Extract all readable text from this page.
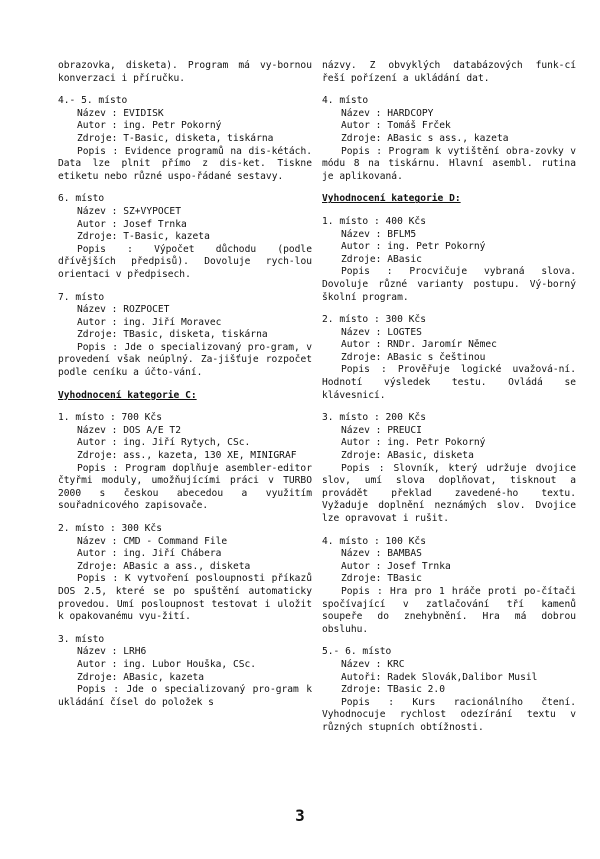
obrazovka, disketa). Program má vy-bornou konverzaci i příručku.

4.- 5. místo

Název : EVIDISK

Autor : ing. Petr Pokorný

Zdroje: T-Basic, disketa, tiskárna

Popis : Evidence programů na dis-kétách. Data lze plnit přímo z dis-ket. Tiskne etiketu nebo různé uspo-řádané sestavy.

6. místo

Název : SZ+VYPOCET

Autor : Josef Trnka

Zdroje: T-Basic, kazeta

Popis : Výpočet důchodu (podle dřívějších předpisů). Dovoluje rych-lou orientaci v předpisech.

7. místo

Název : ROZPOCET

Autor : ing. Jiří Moravec

Zdroje: TBasic, disketa, tiskárna

Popis : Jde o specializovaný pro-gram, v provedení však neúplný. Za-jišťuje rozpočet podle ceníku a účto-vání.

Vyhodnocení kategorie C:

1. místo : 700 Kčs

Název : DOS A/E T2

Autor : ing. Jiří Rytych, CSc.

Zdroje: ass., kazeta, 130 XE, MINIGRAF

Popis : Program doplňuje asembler-editor čtyřmi moduly, umožňujícími práci v TURBO 2000 s českou abecedou a využitím souřadnicového zapisovače.

2. místo : 300 Kčs

Název : CMD - Command File

Autor : ing. Jiří Chábera

Zdroje: ABasic a ass., disketa

Popis : K vytvoření posloupnosti příkazů DOS 2.5, které se po spuštění automaticky provedou. Umí posloupnost testovat i uložit k opakovanému vyu-žití.

3. místo

Název : LRH6

Autor : ing. Lubor Houška, CSc.

Zdroje: ABasic, kazeta

Popis : Jde o specializovaný pro-gram k ukládání čísel do položek s

názvy. Z obvyklých databázových funk-cí řeší pořízení a ukládání dat.

4. místo

Název : HARDCOPY

Autor : Tomáš Frček

Zdroje: ABasic s ass., kazeta

Popis : Program k vytištění obra-zovky v módu 8 na tiskárnu. Hlavní asembl. rutina je aplikovaná.

Vyhodnocení kategorie D:

1. místo : 400 Kčs

Název : BFLM5

Autor : ing. Petr Pokorný

Zdroje: ABasic

Popis : Procvičuje vybraná slova. Dovoluje různé varianty postupu. Vý-borný školní program.

2. místo : 300 Kčs

Název : LOGTES

Autor : RNDr. Jaromír Němec

Zdroje: ABasic s češtinou

Popis : Prověřuje logické uvažová-ní. Hodnotí výsledek testu. Ovládá se klávesnicí.

3. místo : 200 Kčs

Název : PREUCI

Autor : ing. Petr Pokorný

Zdroje: ABasic, disketa

Popis : Slovník, který udržuje dvojice slov, umí slova doplňovat, tisknout a provádět překlad zavedené-ho textu. Vyžaduje doplnění neznámých slov. Dvojice lze opravovat i rušit.

4. místo : 100 Kčs

Název : BAMBAS

Autor : Josef Trnka

Zdroje: TBasic

Popis : Hra pro 1 hráče proti po-čítači spočívající v zatlačování tří kamenů soupeře do znehybnění. Hra má dobrou obsluhu.

5.- 6. místo

Název : KRC

Autoři: Radek Slovák,Dalibor Musil

Zdroje: TBasic 2.0

Popis : Kurs racionálního čtení. Vyhodnocuje rychlost odezírání textu v různých stupních obtížnosti.

3
